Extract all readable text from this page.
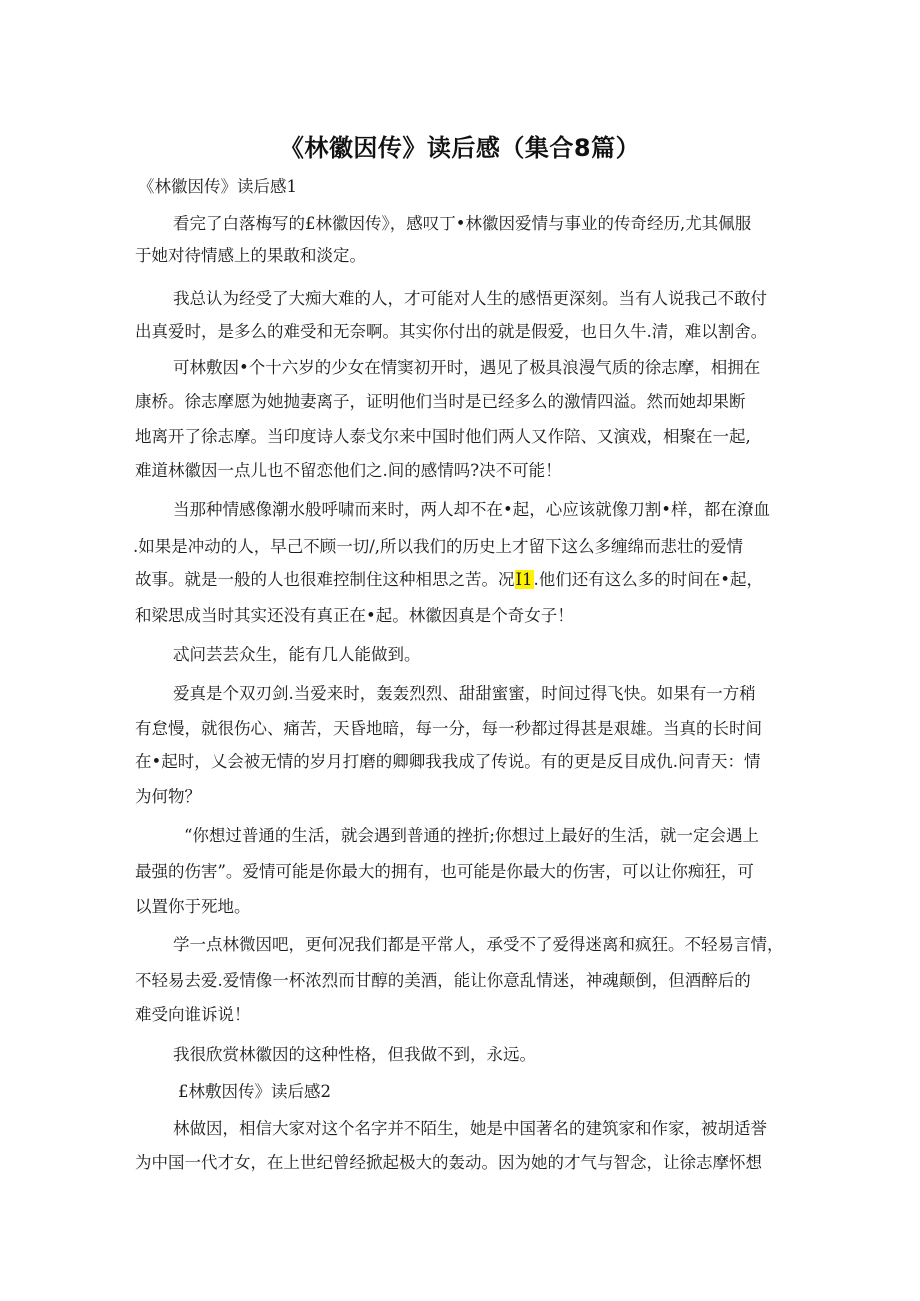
《林徽因传》读后感（集合8篇）
《林徽因传》读后感1
看完了白落梅写的£林徽因传》，感叹丁•林徽因爱情与事业的传奇经历,尤其佩服
于她对待情感上的果敢和淡定。
我总认为经受了大痴大难的人，才可能对人生的感悟更深刻。当有人说我己不敢付
出真爱时，是多么的难受和无奈啊。其实你付出的就是假爱，也日久牛.清，难以割舍。
可林敷因•个十六岁的少女在情窦初开时，遇见了极具浪漫气质的徐志摩，相拥在
康桥。徐志摩愿为她抛妻离子，证明他们当时是已经多么的激情四溢。然而她却果断
地离开了徐志摩。当印度诗人泰戈尔来中国时他们两人又作陪、又演戏，相聚在一起,
难道林徽因一点儿也不留恋他们之.间的感情吗?决不可能！
当那种情感像潮水般呼啸而来时，两人却不在•起，心应该就像刀割•样，都在潦血
.如果是冲动的人，早己不顾一切/,所以我们的历史上才留下这么多缠绵而悲壮的爱情
故事。就是一般的人也很难控制住这种相思之苦。况I1.他们还有这么多的时间在•起，
和梁思成当时其实还没有真正在•起。林徽因真是个奇女子！
忒问芸芸众生，能有几人能做到。
爱真是个双刃剑.当爱来时，轰轰烈烈、甜甜蜜蜜，时间过得飞快。如果有一方稍
有怠慢，就很伤心、痛苦，天昏地暗，每一分，每一秒都过得甚是艰雄。当真的长时间
在•起时，乂会被无情的岁月打磨的卿卿我我成了传说。有的更是反目成仇.问青天：情
为何物？
“你想过普通的生活，就会遇到普通的挫折;你想过上最好的生活，就一定会遇上
最强的伤害”。爱情可能是你最大的拥有，也可能是你最大的伤害，可以让你痴狂，可
以置你于死地。
学一点林微因吧，更何况我们都是平常人，承受不了爱得迷离和疯狂。不轻易言情，
不轻易去爱.爱情像一杯浓烈而甘醇的美酒，能让你意乱情迷，神魂颠倒，但酒醉后的
难受向谁诉说！
我很欣赏林徽因的这种性格，但我做不到，永远。
£林敷因传》读后感2
林做因，相信大家对这个名字并不陌生，她是中国著名的建筑家和作家，被胡适誉
为中国一代才女，在上世纪曾经掀起极大的轰动。因为她的才气与智念，让徐志摩怀想
